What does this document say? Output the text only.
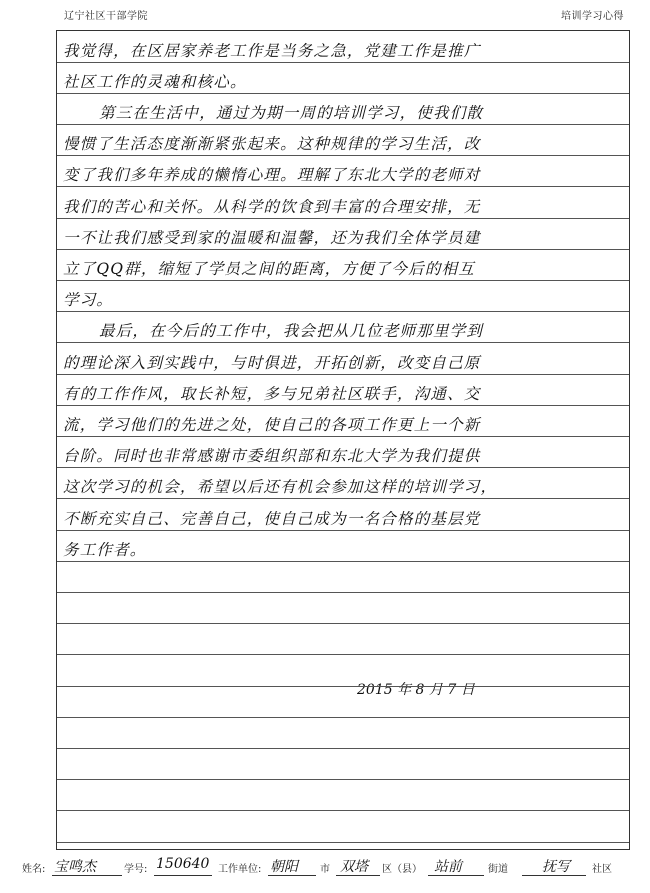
辽宁社区干部学院	培训学习心得
我觉得，在区居家养老工作是当务之急，党建工作是推广
社区工作的灵魂和核心。
第三在生活中，通过为期一周的培训学习，使我们散
慢惯了生活态度渐渐紧张起来。这种规律的学习生活，改
变了我们多年养成的懒惰心理。理解了东北大学的老师对
我们的苦心和关怀。从科学的饮食到丰富的合理安排，无
一不让我们感受到家的温暖和温馨，还为我们全体学员建
立了QQ群，缩短了学员之间的距离，方便了今后的相互
学习。
最后，在今后的工作中，我会把从几位老师那里学到
的理论深入到实践中，与时俱进，开拓创新，改变自己原
有的工作作风，取长补短，多与兄弟社区联手，沟通、交
流，学习他们的先进之处，使自己的各项工作更上一个新
台阶。同时也非常感谢市委组织部和东北大学为我们提供
这次学习的机会，希望以后还有机会参加这样的培训学习，
不断充实自己、完善自己，使自己成为一名合格的基层党
务工作者。
2015 年 8 月 7 日
姓名: 宝鸣杰	学号: 150640 工作单位: 朝阳 市 双塔 区（县） 站前	街道 抚写 社区
